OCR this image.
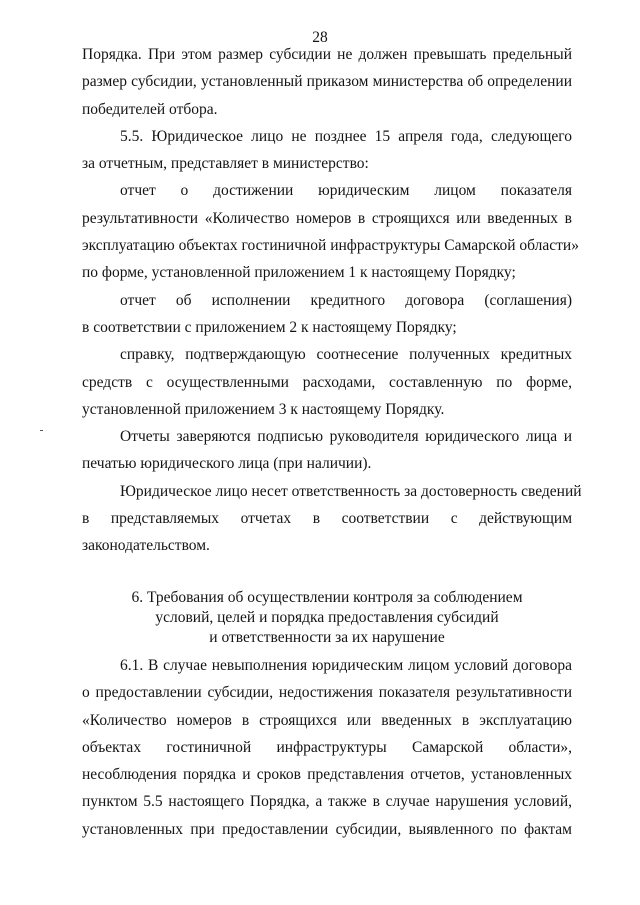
28
Порядка. При этом размер субсидии не должен превышать предельный
размер субсидии, установленный приказом министерства об определении
победителей отбора.
5.5. Юридическое лицо не позднее 15 апреля года, следующего
за отчетным, представляет в министерство:
отчет о достижении юридическим лицом показателя
результативности «Количество номеров в строящихся или введенных в
эксплуатацию объектах гостиничной инфраструктуры Самарской области»
по форме, установленной приложением 1 к настоящему Порядку;
отчет об исполнении кредитного договора (соглашения)
в соответствии с приложением 2 к настоящему Порядку;
справку, подтверждающую соотнесение полученных кредитных
средств с осуществленными расходами, составленную по форме,
установленной приложением 3 к настоящему Порядку.
Отчеты заверяются подписью руководителя юридического лица и
печатью юридического лица (при наличии).
Юридическое лицо несет ответственность за достоверность сведений
в представляемых отчетах в соответствии с действующим
законодательством.
6. Требования об осуществлении контроля за соблюдением
условий, целей и порядка предоставления субсидий
и ответственности за их нарушение
6.1. В случае невыполнения юридическим лицом условий договора
о предоставлении субсидии, недостижения показателя результативности
«Количество номеров в строящихся или введенных в эксплуатацию
объектах гостиничной инфраструктуры Самарской области»,
несоблюдения порядка и сроков представления отчетов, установленных
пунктом 5.5 настоящего Порядка, а также в случае нарушения условий,
установленных при предоставлении субсидии, выявленного по фактам
